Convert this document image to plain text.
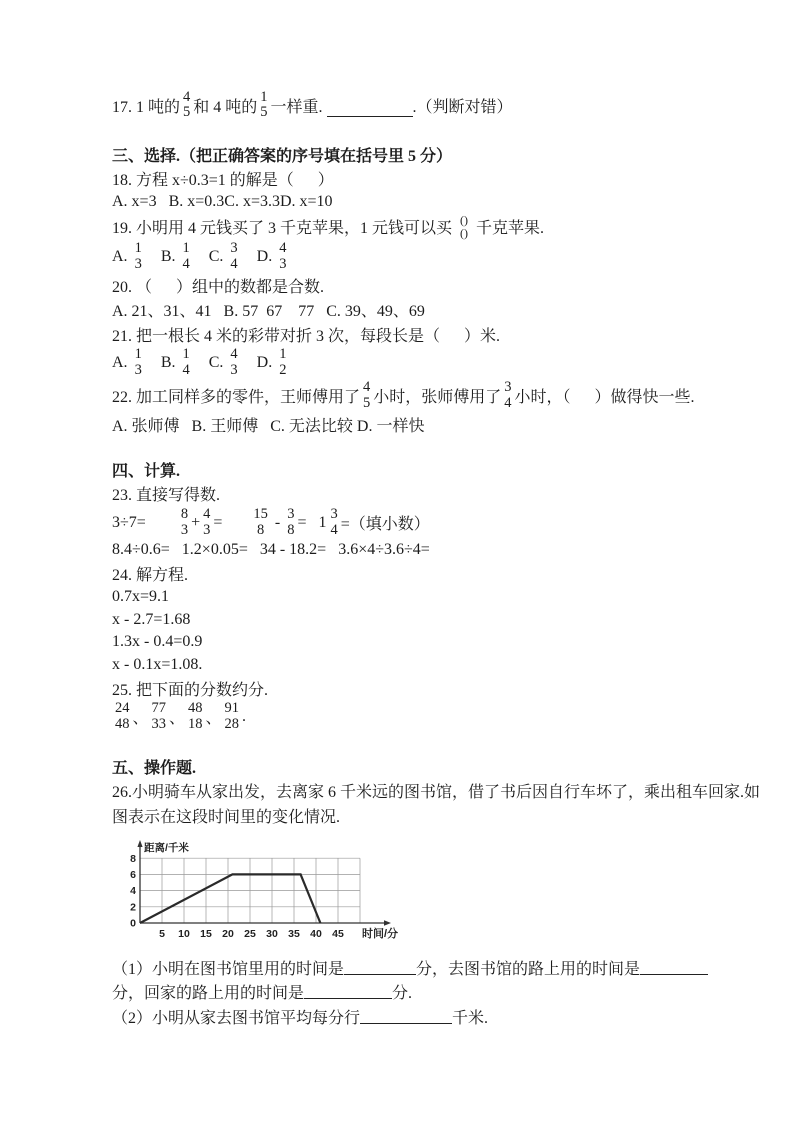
17. 1 吨的
4
5 和 4 吨的
1
5 一样重.	.（判断对错）
三、选择.（把正确答案的序号填在括号里 5 分）
18. 方程 x÷0.3=1 的解是（      ）
A. x=3   B. x=0.3C. x=3.3D. x=10
19. 小明用 4 元钱买了 3 千克苹果，1 元钱可以买
()
() 千克苹果.
A. 1
3 B. 1
4 C. 3
4 D. 4
3
20. （      ）组中的数都是合数.
A. 21、31、41   B. 57  67    77   C. 39、49、69
21. 把一根长 4 米的彩带对折 3 次，每段长是（      ）米.
A. 1
3 B. 1
4 C. 4
3 D. 1
2
22. 加工同样多的零件，王师傅用了
4
5 小时，张师傅用了
3
4 小时，（      ）做得快一些.
A. 张师傅   B. 王师傅   C. 无法比较 D. 一样快
四、计算.
23. 直接写得数.
3÷7= 8
3 + 4
3 = 15
8 - 3
8 = 1 3
4 =（填小数）
8.4÷0.6=   1.2×0.05=   34 - 18.2=   3.6×4÷3.6÷4=
24. 解方程.
0.7x=9.1
x - 2.7=1.68
1.3x - 0.4=0.9
x - 0.1x=1.08.
25. 把下面的分数约分.
24
48 、
77
33 、
48
18 、
91
28 .
五、操作题.
26.小明骑车从家出发，去离家 6 千米远的图书馆，借了书后因自行车坏了，乘出租车回家.如
图表示在这段时间里的变化情况.
5 10 15 20 25 30 35 40 45
0
2
4
6
8
距离/千米
时间/分
（1）小明在图书馆里用的时间是	分，去图书馆的路上用的时间是
分，回家的路上用的时间是	分.
（2）小明从家去图书馆平均每分行	千米.
